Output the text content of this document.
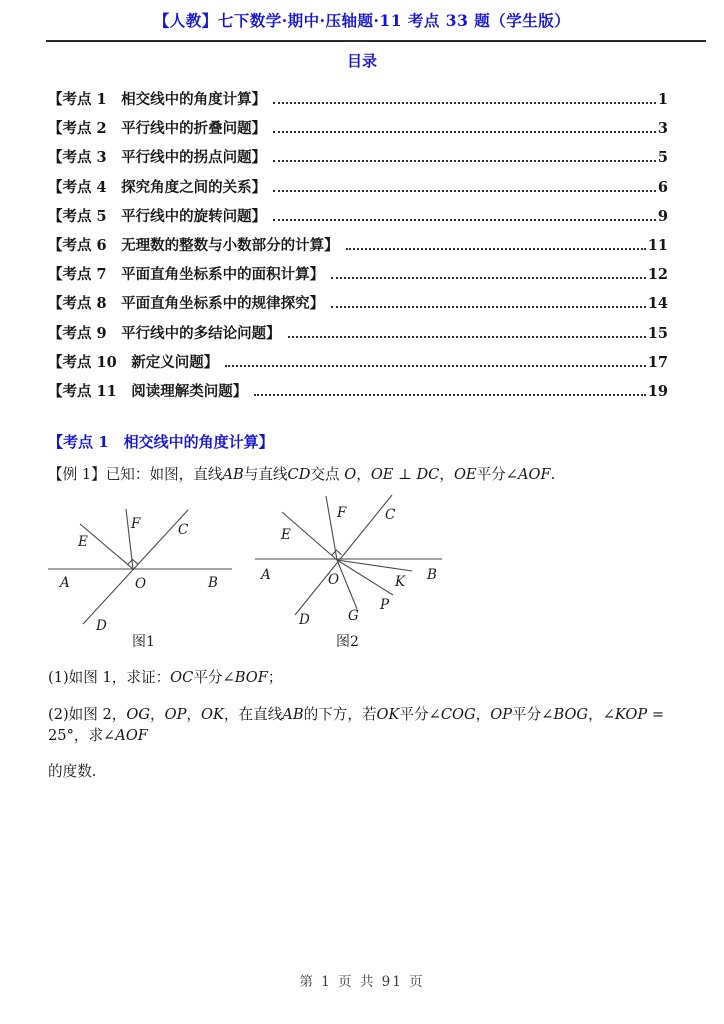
【人教】七下数学·期中·压轴题·11 考点 33 题（学生版）
目录
【考点 1　相交线中的角度计算】	1
【考点 2　平行线中的折叠问题】	3
【考点 3　平行线中的拐点问题】	5
【考点 4　探究角度之间的关系】	6
【考点 5　平行线中的旋转问题】	9
【考点 6　无理数的整数与小数部分的计算】	11
【考点 7　平面直角坐标系中的面积计算】	12
【考点 8　平面直角坐标系中的规律探究】	14
【考点 9　平行线中的多结论问题】	15
【考点 10　新定义问题】	17
【考点 11　阅读理解类问题】	19
【考点 1　相交线中的角度计算】
【例 1】已知：如图，直线AB与直线CD交点 O，OE ⊥ DC，OE平分∠AOF.
A	O	B
E
F	C
D
A	O	B
E
F	C
D	G
P
K
图1	图2
(1)如图 1，求证：OC平分∠BOF；
(2)如图 2，OG，OP，OK，在直线AB的下方，若OK平分∠COG，OP平分∠BOG，∠KOP = 25°，求∠AOF
的度数.
第 1 页 共 91 页
